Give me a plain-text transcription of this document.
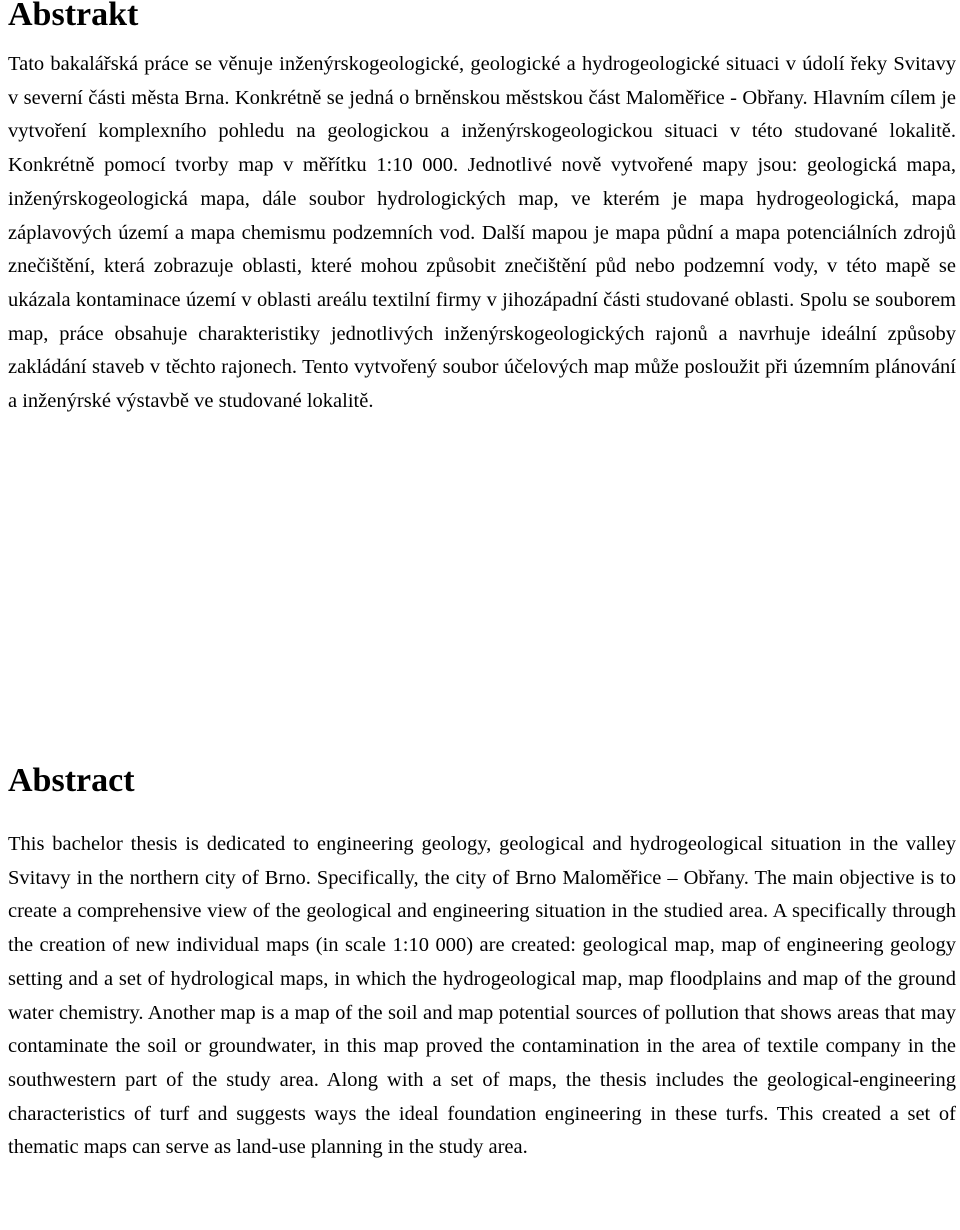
Abstrakt

Tato bakalářská práce se věnuje inženýrskogeologické, geologické a hydrogeologické situaci v údolí řeky Svitavy v severní části města Brna. Konkrétně se jedná o brněnskou městskou část Maloměřice - Obřany. Hlavním cílem je vytvoření komplexního pohledu na geologickou a inženýrskogeologickou situaci v této studované lokalitě. Konkrétně pomocí tvorby map v měřítku 1:10 000. Jednotlivé nově vytvořené mapy jsou: geologická mapa, inženýrskogeologická mapa, dále soubor hydrologických map, ve kterém je mapa hydrogeologická, mapa záplavových území a mapa chemismu podzemních vod. Další mapou je mapa půdní a mapa potenciálních zdrojů znečištění, která zobrazuje oblasti, které mohou způsobit znečištění půd nebo podzemní vody, v této mapě se ukázala kontaminace území v oblasti areálu textilní firmy v jihozápadní části studované oblasti. Spolu se souborem map, práce obsahuje charakteristiky jednotlivých inženýrskogeologických rajonů a navrhuje ideální způsoby zakládání staveb v těchto rajonech. Tento vytvořený soubor účelových map může posloužit při územním plánování a inženýrské výstavbě ve studované lokalitě.

Abstract

This bachelor thesis is dedicated to engineering geology, geological and hydrogeological situation in the valley Svitavy in the northern city of Brno. Specifically, the city of Brno Maloměřice – Obřany. The main objective is to create a comprehensive view of the geological and engineering situation in the studied area. A specifically through the creation of new individual maps (in scale 1:10 000) are created: geological map, map of engineering geology setting and a set of hydrological maps, in which the hydrogeological map, map floodplains and map of the ground water chemistry. Another map is a map of the soil and map potential sources of pollution that shows areas that may contaminate the soil or groundwater, in this map proved the contamination in the area of textile company in the southwestern part of the study area. Along with a set of maps, the thesis includes the geological-engineering characteristics of turf and suggests ways the ideal foundation engineering in these turfs. This created a set of thematic maps can serve as land-use planning in the study area.
